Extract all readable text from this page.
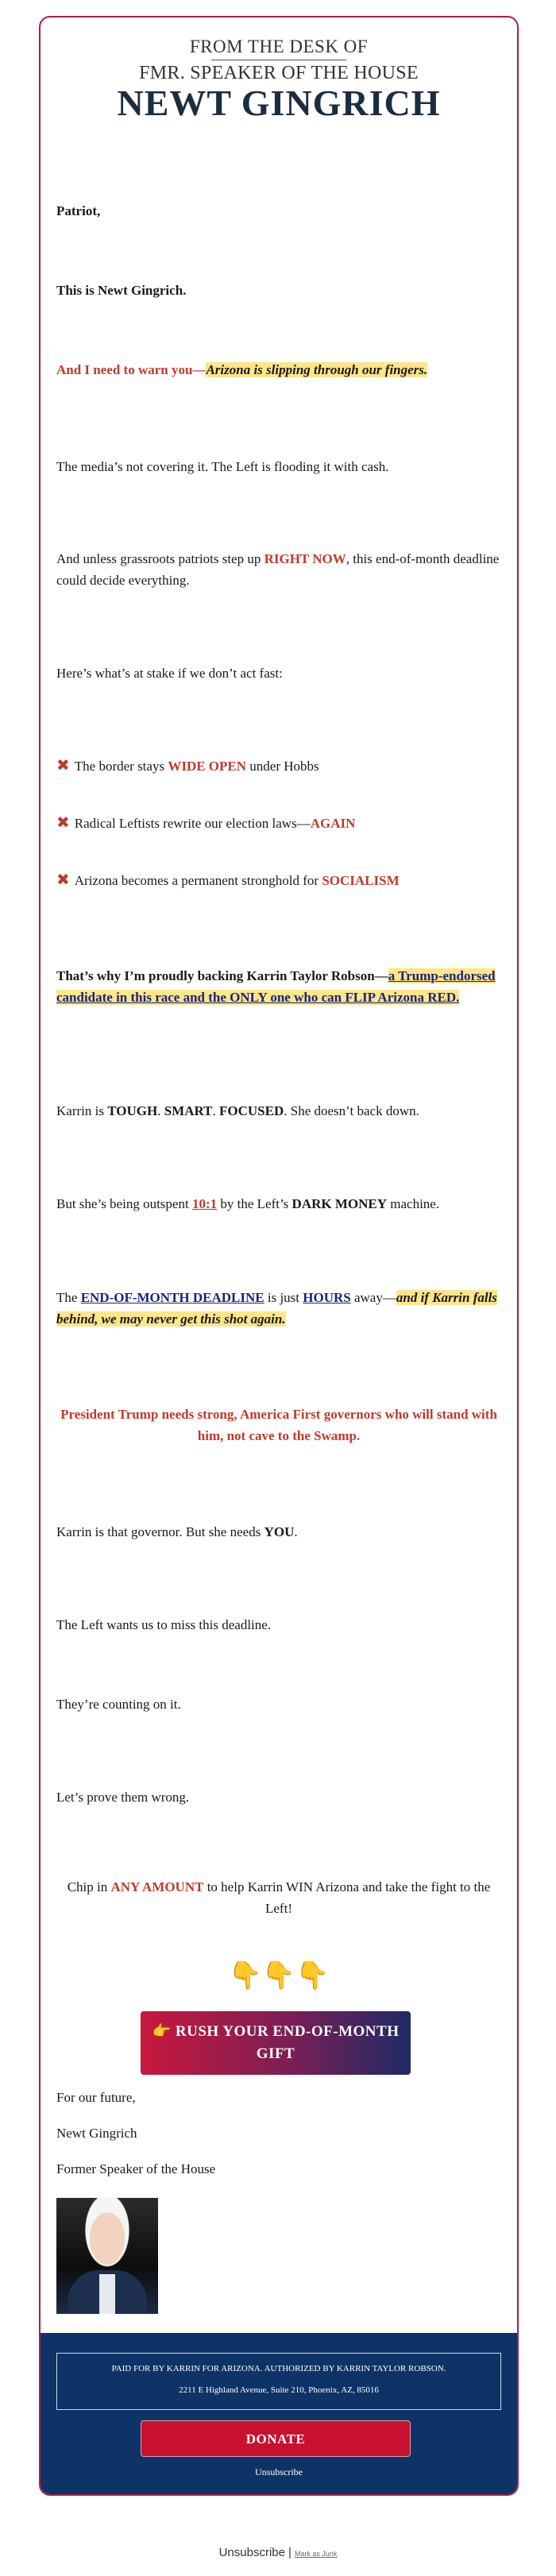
FROM THE DESK OF
FMR. SPEAKER OF THE HOUSE
NEWT GINGRICH
Patriot,
This is Newt Gingrich.
And I need to warn you—Arizona is slipping through our fingers.
The media’s not covering it. The Left is flooding it with cash.
And unless grassroots patriots step up RIGHT NOW, this end-of-month deadline could decide everything.
Here’s what’s at stake if we don’t act fast:
✖ The border stays WIDE OPEN under Hobbs
✖ Radical Leftists rewrite our election laws—AGAIN
✖ Arizona becomes a permanent stronghold for SOCIALISM
That’s why I’m proudly backing Karrin Taylor Robson—a Trump-endorsed candidate in this race and the ONLY one who can FLIP Arizona RED.
Karrin is TOUGH. SMART. FOCUSED. She doesn’t back down.
But she’s being outspent 10:1 by the Left’s DARK MONEY machine.
The END-OF-MONTH DEADLINE is just HOURS away—and if Karrin falls behind, we may never get this shot again.
President Trump needs strong, America First governors who will stand with him, not cave to the Swamp.
Karrin is that governor. But she needs YOU.
The Left wants us to miss this deadline.
They’re counting on it.
Let’s prove them wrong.
Chip in ANY AMOUNT to help Karrin WIN Arizona and take the fight to the Left!
👇👇👇
👉 RUSH YOUR END-OF-MONTH GIFT
For our future,
Newt Gingrich
Former Speaker of the House
PAID FOR BY KARRIN FOR ARIZONA. AUTHORIZED BY KARRIN TAYLOR ROBSON.
2211 E Highland Avenue, Suite 210, Phoenix, AZ, 85016
DONATE
Unsubscribe
Unsubscribe | Mark as Junk
